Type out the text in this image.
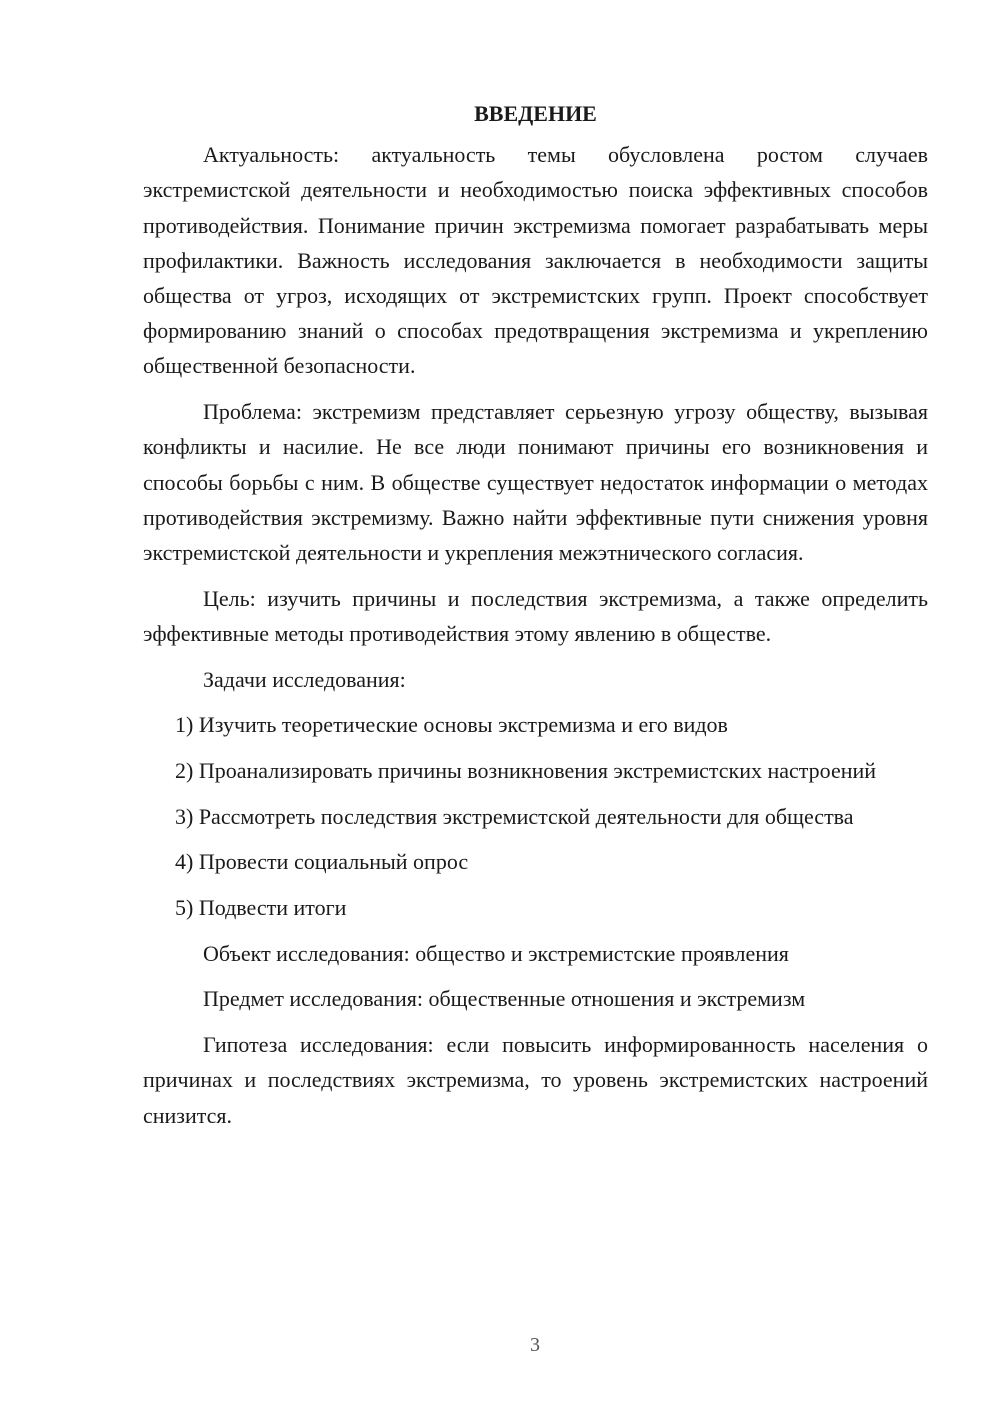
ВВЕДЕНИЕ

Актуальность: актуальность темы обусловлена ростом случаев экстремистской деятельности и необходимостью поиска эффективных способов противодействия. Понимание причин экстремизма помогает разрабатывать меры профилактики. Важность исследования заключается в необходимости защиты общества от угроз, исходящих от экстремистских групп. Проект способствует формированию знаний о способах предотвращения экстремизма и укреплению общественной безопасности.

Проблема: экстремизм представляет серьезную угрозу обществу, вызывая конфликты и насилие. Не все люди понимают причины его возникновения и способы борьбы с ним. В обществе существует недостаток информации о методах противодействия экстремизму. Важно найти эффективные пути снижения уровня экстремистской деятельности и укрепления межэтнического согласия.

Цель: изучить причины и последствия экстремизма, а также определить эффективные методы противодействия этому явлению в обществе.

Задачи исследования:

1) Изучить теоретические основы экстремизма и его видов

2) Проанализировать причины возникновения экстремистских настроений

3) Рассмотреть последствия экстремистской деятельности для общества

4) Провести социальный опрос

5) Подвести итоги

Объект исследования: общество и экстремистские проявления

Предмет исследования: общественные отношения и экстремизм

Гипотеза исследования: если повысить информированность населения о причинах и последствиях экстремизма, то уровень экстремистских настроений снизится.

3
